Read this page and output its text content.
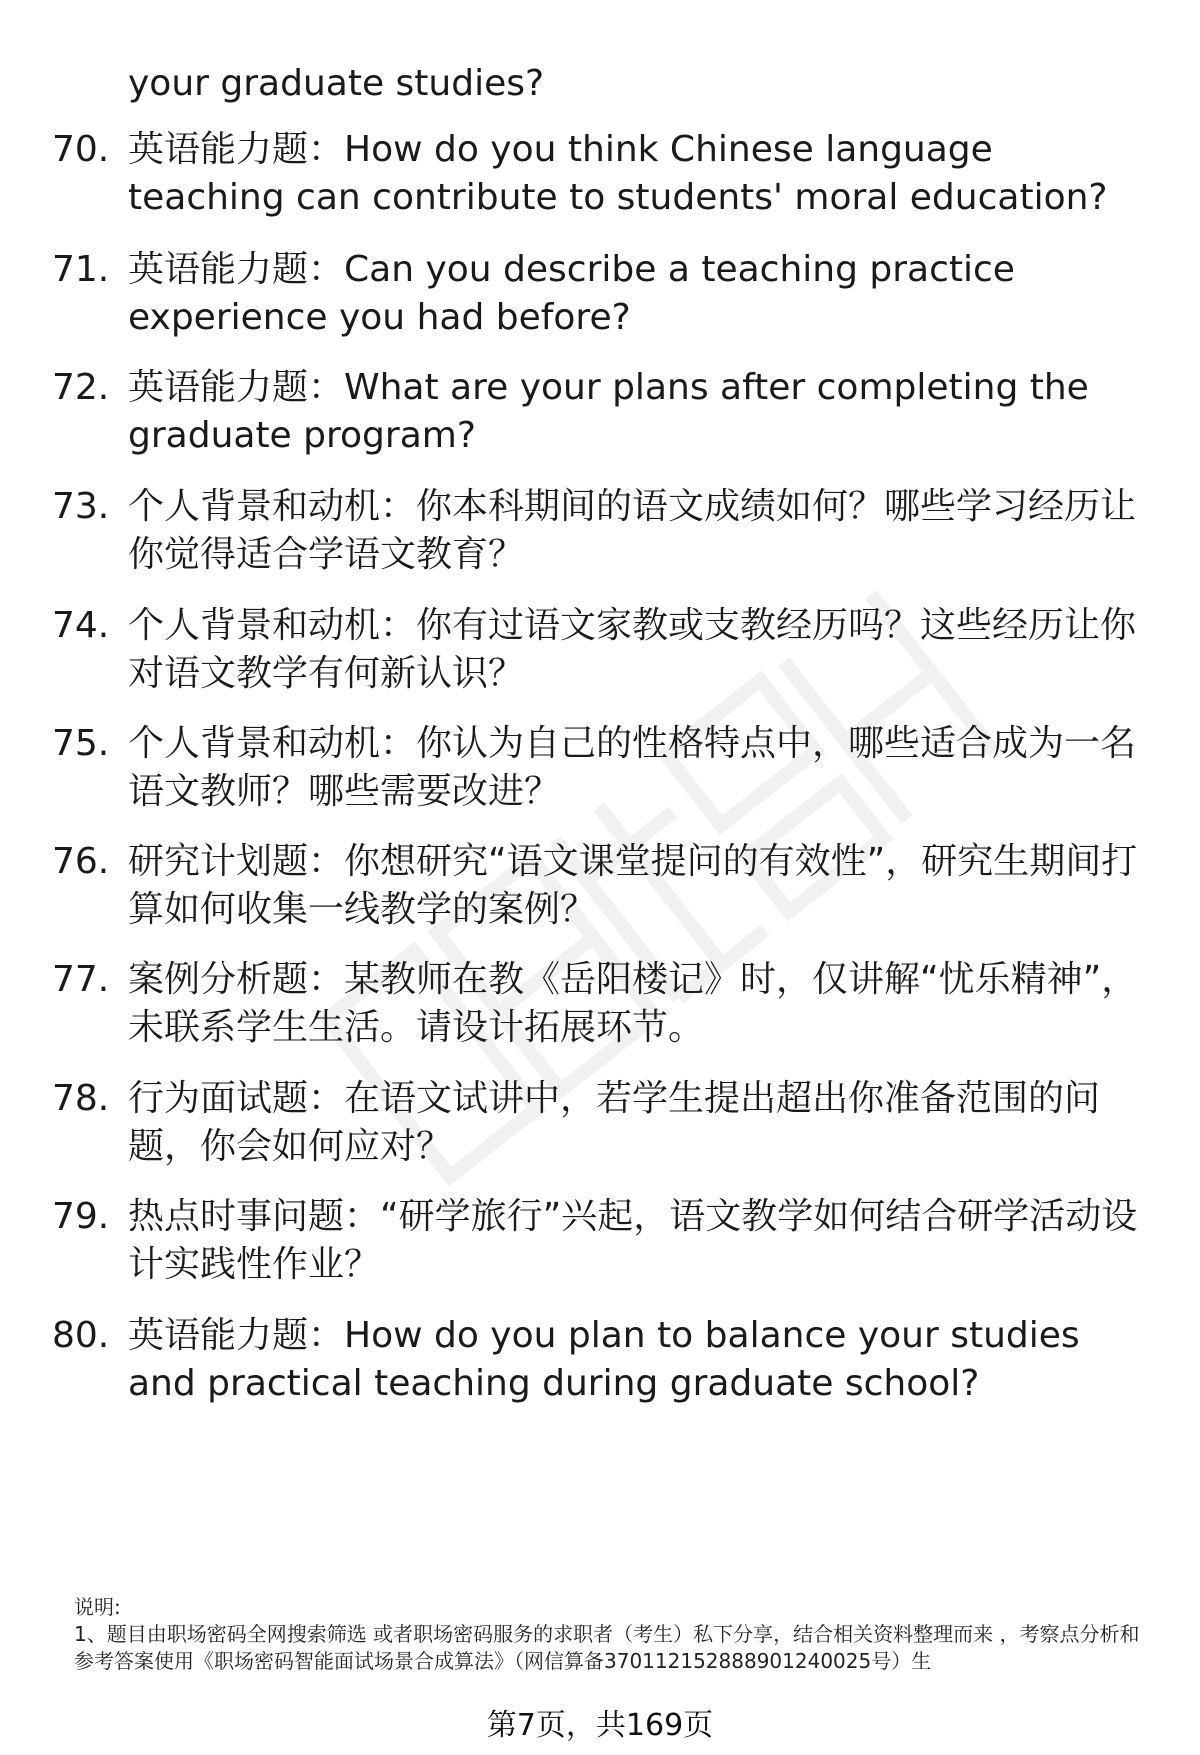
your graduate studies?

70. 英语能力题：How do you think Chinese language teaching can contribute to students' moral education?
71. 英语能力题：Can you describe a teaching practice experience you had before?
72. 英语能力题：What are your plans after completing the graduate program?
73. 个人背景和动机：你本科期间的语文成绩如何？哪些学习经历让你觉得适合学语文教育？
74. 个人背景和动机：你有过语文家教或支教经历吗？这些经历让你对语文教学有何新认识？
75. 个人背景和动机：你认为自己的性格特点中，哪些适合成为一名语文教师？哪些需要改进？
76. 研究计划题：你想研究“语文课堂提问的有效性”，研究生期间打算如何收集一线教学的案例？
77. 案例分析题：某教师在教《岳阳楼记》时，仅讲解“忧乐精神”，未联系学生生活。请设计拓展环节。
78. 行为面试题：在语文试讲中，若学生提出超出你准备范围的问题，你会如何应对？
79. 热点时事问题：“研学旅行”兴起，语文教学如何结合研学活动设计实践性作业？
80. 英语能力题：How do you plan to balance your studies and practical teaching during graduate school?

说明:

1、题目由职场密码全网搜索筛选 或者职场密码服务的求职者（考生）私下分享，结合相关资料整理而来 ，考察点分析和参考答案使用《职场密码智能面试场景合成算法》（网信算备370112152888901240025号）生

第7页，共169页
